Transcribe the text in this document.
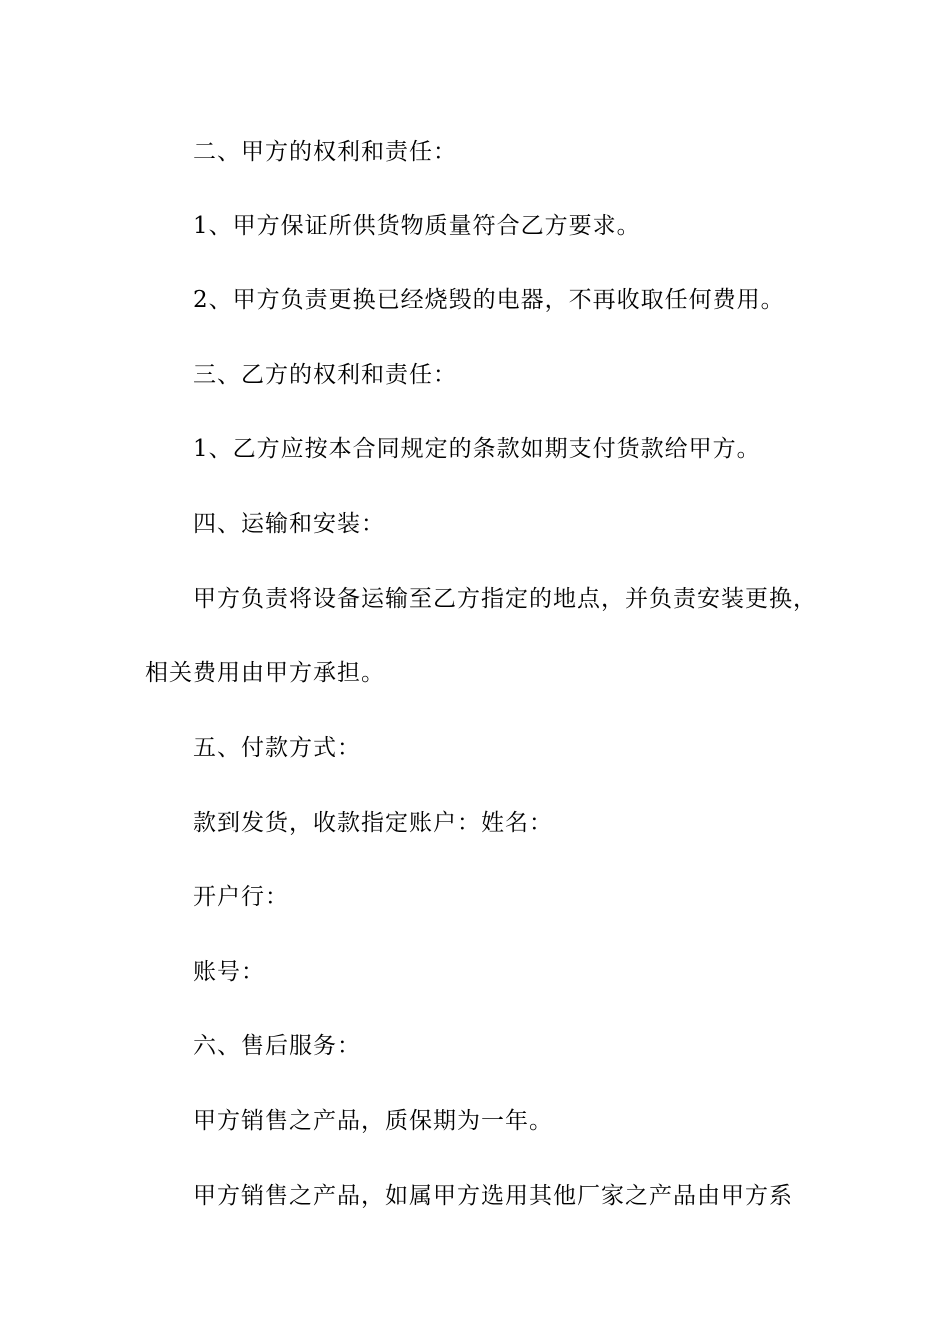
二、甲方的权利和责任：
1、甲方保证所供货物质量符合乙方要求。
2、甲方负责更换已经烧毁的电器，不再收取任何费用。
三、乙方的权利和责任：
1、乙方应按本合同规定的条款如期支付货款给甲方。
四、运输和安装：
甲方负责将设备运输至乙方指定的地点，并负责安装更换，
相关费用由甲方承担。
五、付款方式：
款到发货，收款指定账户：姓名：
开户行：
账号：
六、售后服务：
甲方销售之产品，质保期为一年。
甲方销售之产品，如属甲方选用其他厂家之产品由甲方系
